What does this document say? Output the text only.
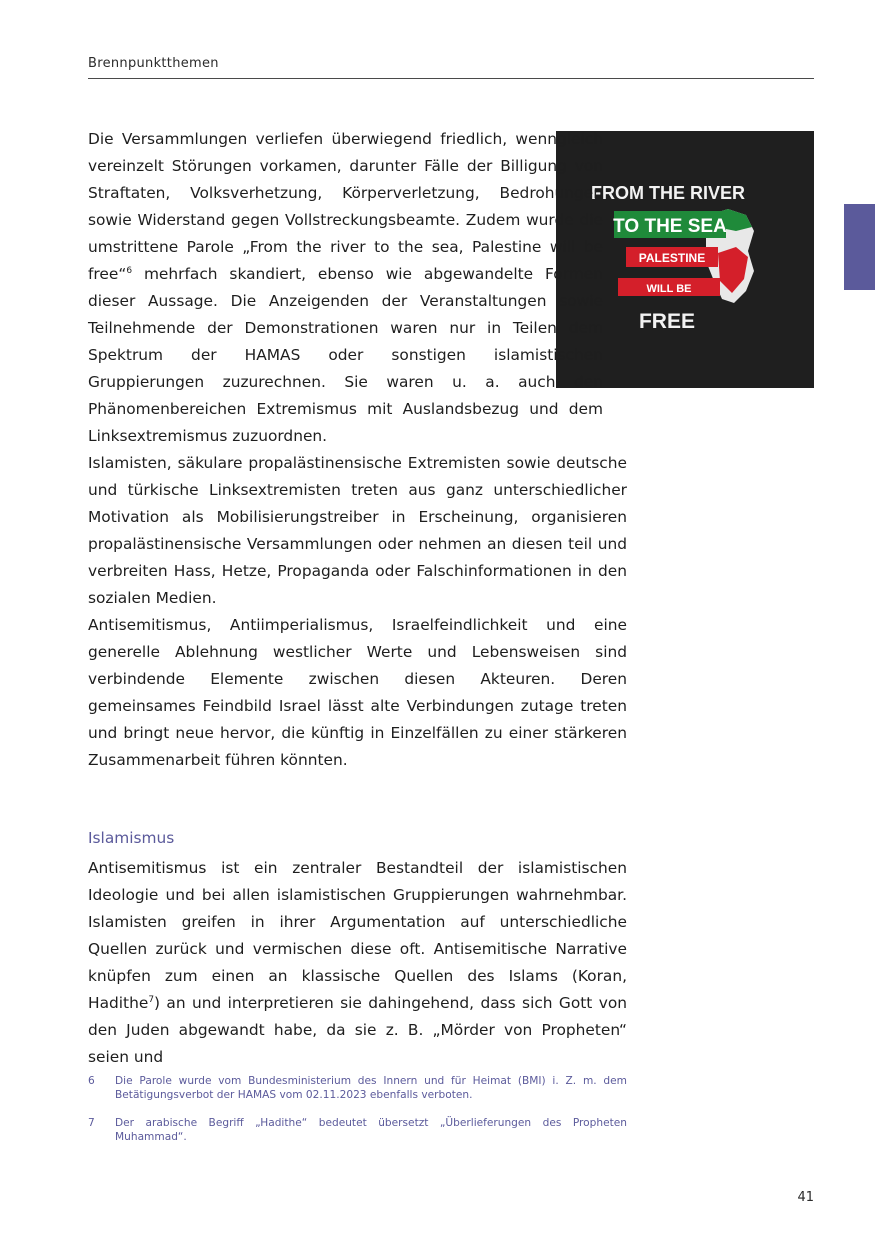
Brennpunktthemen
FROM THE RIVER
TO THE SEA
PALESTINE
WILL BE
FREE

Die Versammlungen verliefen überwiegend friedlich, wenngleich vereinzelt Störungen vorkamen, darunter Fälle der Billigung von Straftaten, Volksverhetzung, Körperverletzung, Bedrohungen sowie Widerstand gegen Vollstreckungsbeamte. Zudem wurde die umstrittene Parole „From the river to the sea, Palestine will be free“$^6$ mehrfach skandiert, ebenso wie abgewandelte Formen dieser Aussage. Die Anzeigenden der Veranstaltungen sowie Teilnehmende der Demonstrationen waren nur in Teilen dem Spektrum der HAMAS oder sonstigen islamistischen Gruppierungen zuzurechnen. Sie waren u. a. auch den Phänomenbereichen Extremismus mit Auslandsbezug und dem Linksextremismus zuzuordnen.

Islamisten, säkulare propalästinensische Extremisten sowie deutsche und türkische Linksextremisten treten aus ganz unterschiedlicher Motivation als Mobilisierungstreiber in Erscheinung, organisieren propalästinensische Versammlungen oder nehmen an diesen teil und verbreiten Hass, Hetze, Propaganda oder Falschinformationen in den sozialen Medien.

Antisemitismus, Antiimperialismus, Israelfeindlichkeit und eine generelle Ablehnung westlicher Werte und Lebensweisen sind verbindende Elemente zwischen diesen Akteuren. Deren gemeinsames Feindbild Israel lässt alte Verbindungen zutage treten und bringt neue hervor, die künftig in Einzelfällen zu einer stärkeren Zusammenarbeit führen könnten.

Islamismus

Antisemitismus ist ein zentraler Bestandteil der islamistischen Ideologie und bei allen islamistischen Gruppierungen wahrnehmbar. Islamisten greifen in ihrer Argumentation auf unterschiedliche Quellen zurück und vermischen diese oft. Antisemitische Narrative knüpfen zum einen an klassische Quellen des Islams (Koran, Hadithe$^7$) an und interpretieren sie dahingehend, dass sich Gott von den Juden abgewandt habe, da sie z. B. „Mörder von Propheten“ seien und

6 Die Parole wurde vom Bundesministerium des Innern und für Heimat (BMI) i. Z. m. dem Betätigungsverbot der HAMAS vom 02.11.2023 ebenfalls verboten.
7 Der arabische Begriff „Hadithe“ bedeutet übersetzt „Überlieferungen des Propheten Muhammad“.
41
